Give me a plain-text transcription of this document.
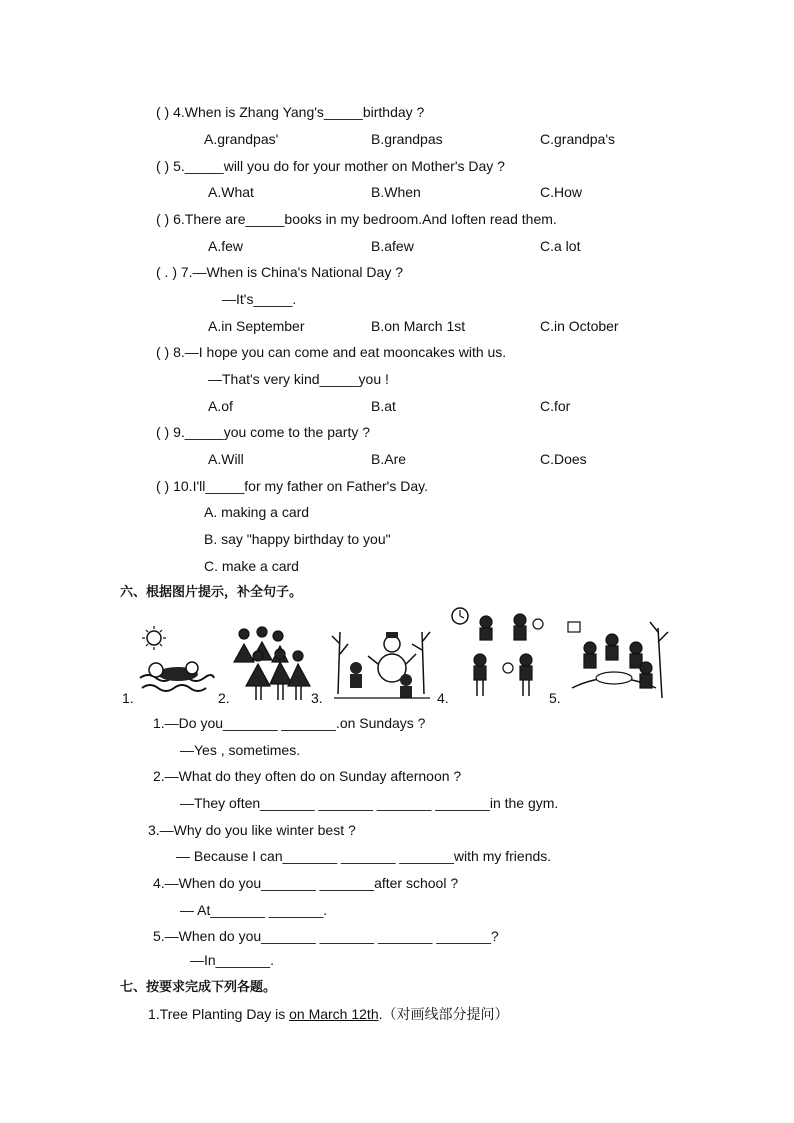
( ) 4.When is Zhang Yang's_____birthday ?
A.grandpas'	B.grandpas	C.grandpa's
( ) 5._____will you do for your mother on Mother's Day ?
A.What	B.When	C.How
( ) 6.There are_____books in my bedroom.And Ioften read them.
A.few	B.afew	C.a lot
( . ) 7.—When is China's National Day ?
—It's_____.
A.in September	B.on March 1st	C.in October
( ) 8.—I hope you can come and eat mooncakes with us.
—That's very kind_____you !
A.of	B.at	C.for
( ) 9._____you come to the party ?
A.Will	B.Are	C.Does
( ) 10.I'll_____for my father on Father's Day.
A. making a card
B. say "happy birthday to you"
C. make a card
六、根据图片提示，补全句子。
1.	2.	3.	4.	5.
1.—Do you_______ _______.on Sundays ?
—Yes , sometimes.
2.—What do they often do on Sunday afternoon ?
—They often_______ _______ _______ _______in the gym.
3.—Why do you like winter best ?
— Because I can_______ _______ _______with my friends.
4.—When do you_______ _______after school ?
— At_______ _______.
5.—When do you_______ _______ _______ _______?
—In_______.
七、按要求完成下列各题。
1.Tree Planting Day is on March 12th.（对画线部分提问）
